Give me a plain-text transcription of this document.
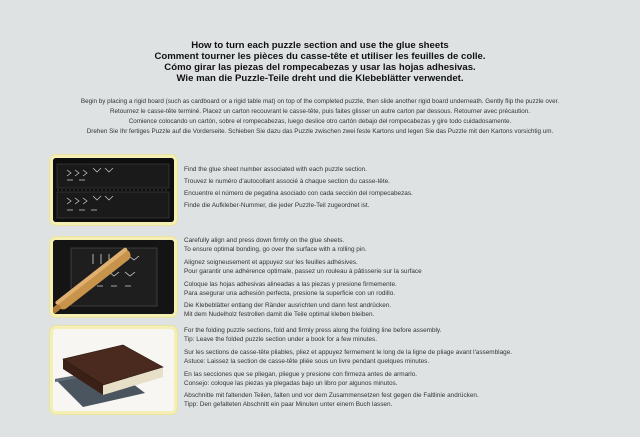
How to turn each puzzle section and use the glue sheets
Comment tourner les pièces du casse-tête et utiliser les feuilles de colle.
Cómo girar las piezas del rompecabezas y usar las hojas adhesivas.
Wie man die Puzzle-Teile dreht und die Klebeblätter verwendet.
Begin by placing a rigid board (such as cardboard or a rigid table mat) on top of the completed puzzle, then slide another rigid board underneath. Gently flip the puzzle over.
Retournez le casse-tête terminé. Placez un carton recouvrant le casse-tête, puis faites glisser un autre carton par dessous. Retourner avec précaution.
Comience colocando un cartón, sobre el rompecabezas, luego deslice otro cartón debajo del rompecabezas y gire todo cuidadosamente.
Drehen Sie Ihr fertiges Puzzle auf die Vorderseite. Schieben Sie dazu das Puzzle zwischen zwei feste Kartons und legen Sie das Puzzle mit den Kartons vorsichtig um.

Find the glue sheet number associated with each puzzle section.

Trouvez le numéro d'autocollant associé à chaque section du casse-tête.

Encuentre el número de pegatina asociado con cada sección del rompecabezas.

Finde die Aufkleber-Nummer, die jeder Puzzle-Teil zugeordnet ist.

Carefully align and press down firmly on the glue sheets.

To ensure optimal bonding, go over the surface with a rolling pin.

Alignez soigneusement et appuyez sur les feuilles adhésives.

Pour garantir une adhérence optimale, passez un rouleau à pâtisserie sur la surface

Coloque las hojas adhesivas alineadas a las piezas y presione firmemente.

Para asegurar una adhesión perfecta, presione la superficie con un rodillo.

Die Klebeblätter entlang der Ränder ausrichten und dann fest andrücken.

Mit dem Nudelholz festrollen damit die Teile optimal kleben bleiben.

For the folding puzzle sections, fold and firmly press along the folding line before assembly.

Tip: Leave the folded puzzle section under a book for a few minutes.

Sur les sections de casse-tête pliables, pliez et appuyez fermement le long de la ligne de pliage avant l'assemblage.

Astuce: Laissez la section de casse-tête pliée sous un livre pendant quelques minutes.

En las secciones que se pliegan, pliegue y presione con firmeza antes de armarlo.

Consejo: coloque las piezas ya plegadas bajo un libro por algunos minutos.

Abschnitte mit faltenden Teilen, falten und vor dem Zusammensetzen fest gegen die Faltlinie andrücken.

Tipp: Den gefalteten Abschnitt ein paar Minuten unter einem Buch lassen.
